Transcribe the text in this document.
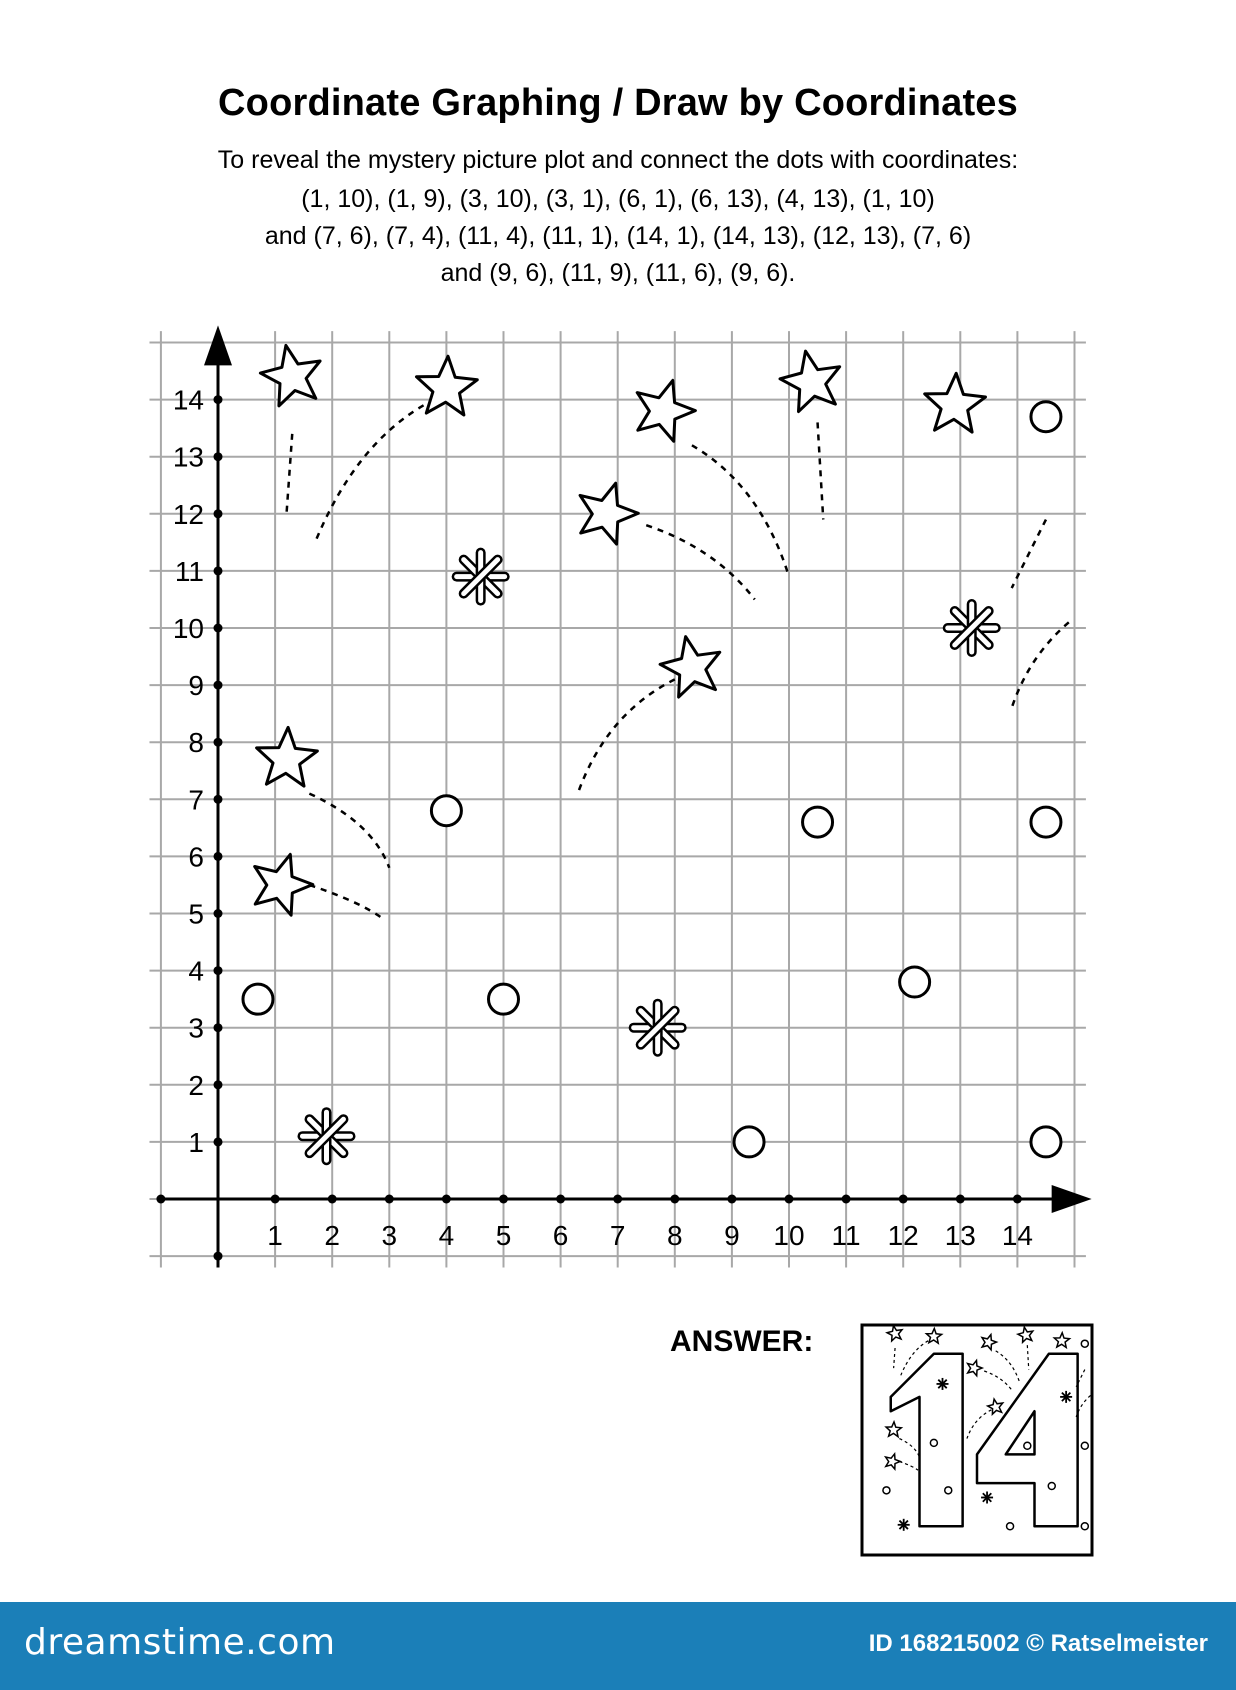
Coordinate Graphing / Draw by Coordinates
To reveal the mystery picture plot and connect the dots with coordinates:
(1, 10), (1, 9), (3, 10), (3, 1), (6, 1), (6, 13), (4, 13), (1, 10)
and (7, 6), (7, 4), (11, 4), (11, 1), (14, 1), (14, 13), (12, 13), (7, 6)
and (9, 6), (11, 9), (11, 6), (9, 6).
1 2 3 4 5 6 7 8 9 10 11 12 13 14
1
2
3
4
5
6
7
8
9
10
11
12
13
14
ANSWER:
dreamstime.com	ID 168215002 © Ratselmeister
